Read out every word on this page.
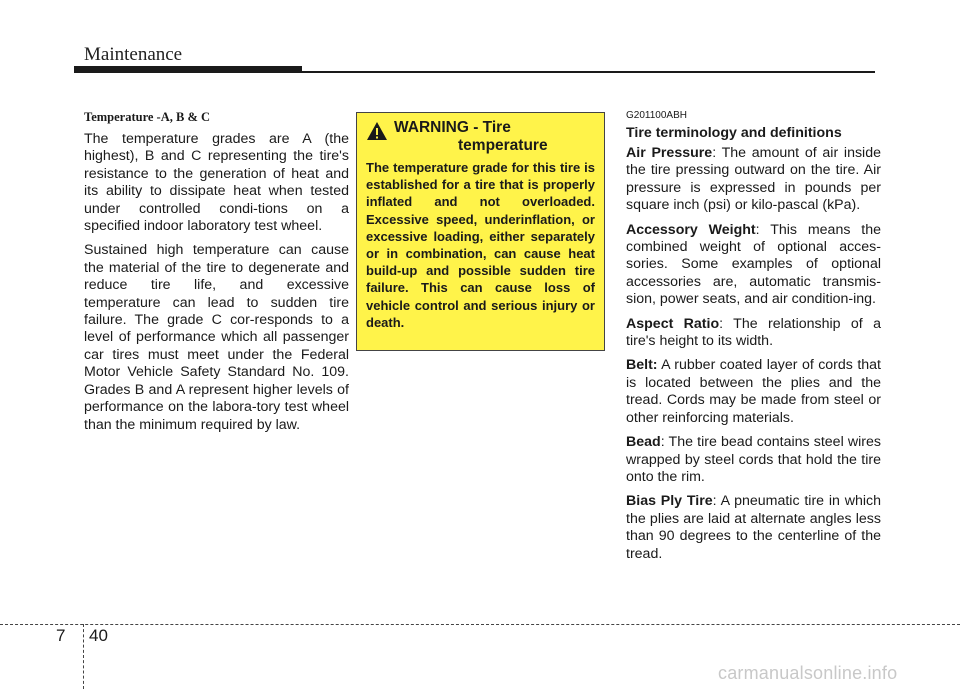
Maintenance

Temperature -A, B & C

The temperature grades are A (the highest), B and C representing the tire's resistance to the generation of heat and its ability to dissipate heat when tested under controlled condi-tions on a specified indoor laboratory test wheel.

Sustained high temperature can cause the material of the tire to degenerate and reduce tire life, and excessive temperature can lead to sudden tire failure. The grade C cor-responds to a level of performance which all passenger car tires must meet under the Federal Motor Vehicle Safety Standard No. 109. Grades B and A represent higher levels of performance on the labora-tory test wheel than the minimum required by law.

WARNING - Tire
temperature

The temperature grade for this tire is established for a tire that is properly inflated and not overloaded. Excessive speed, underinflation, or excessive loading, either separately or in combination, can cause heat build-up and possible sudden tire failure. This can cause loss of vehicle control and serious injury or death.

G201100ABH

Tire terminology and definitions

Air Pressure: The amount of air inside the tire pressing outward on the tire. Air pressure is expressed in pounds per square inch (psi) or kilo-pascal (kPa).

Accessory Weight: This means the combined weight of optional acces-sories. Some examples of optional accessories are, automatic transmis-sion, power seats, and air condition-ing.

Aspect Ratio: The relationship of a tire's height to its width.

Belt: A rubber coated layer of cords that is located between the plies and the tread. Cords may be made from steel or other reinforcing materials.

Bead: The tire bead contains steel wires wrapped by steel cords that hold the tire onto the rim.

Bias Ply Tire: A pneumatic tire in which the plies are laid at alternate angles less than 90 degrees to the centerline of the tread.

7 40
carmanualsonline.info
